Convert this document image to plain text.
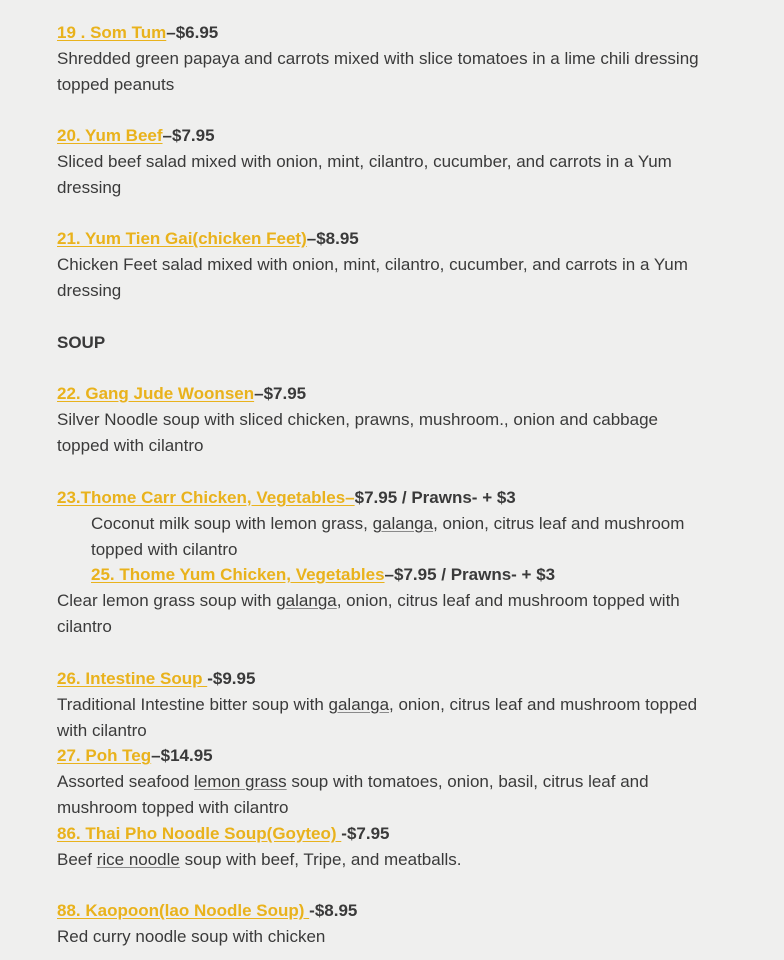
19 . Som Tum–$6.95
Shredded green papaya and carrots mixed with slice tomatoes in a lime chili dressing
topped peanuts
20. Yum Beef–$7.95
Sliced beef salad mixed with onion, mint, cilantro, cucumber, and carrots in a Yum
dressing
21. Yum Tien Gai(chicken Feet)–$8.95
Chicken Feet salad mixed with onion, mint, cilantro, cucumber, and carrots in a Yum
dressing
SOUP
22. Gang Jude Woonsen–$7.95
Silver Noodle soup with sliced chicken, prawns, mushroom., onion and cabbage
topped with cilantro
23.Thome Carr Chicken, Vegetables–$7.95 / Prawns- + $3
Coconut milk soup with lemon grass, galanga, onion, citrus leaf and mushroom
topped with cilantro
25. Thome Yum Chicken, Vegetables–$7.95 / Prawns- + $3
Clear lemon grass soup with galanga, onion, citrus leaf and mushroom topped with
cilantro
26. Intestine Soup -$9.95
Traditional Intestine bitter soup with galanga, onion, citrus leaf and mushroom topped
with cilantro
27. Poh Teg–$14.95
Assorted seafood lemon grass soup with tomatoes, onion, basil, citrus leaf and
mushroom topped with cilantro
86. Thai Pho Noodle Soup(Goyteo) -$7.95
Beef rice noodle soup with beef, Tripe, and meatballs.
88. Kaopoon(lao Noodle Soup) -$8.95
Red curry noodle soup with chicken
